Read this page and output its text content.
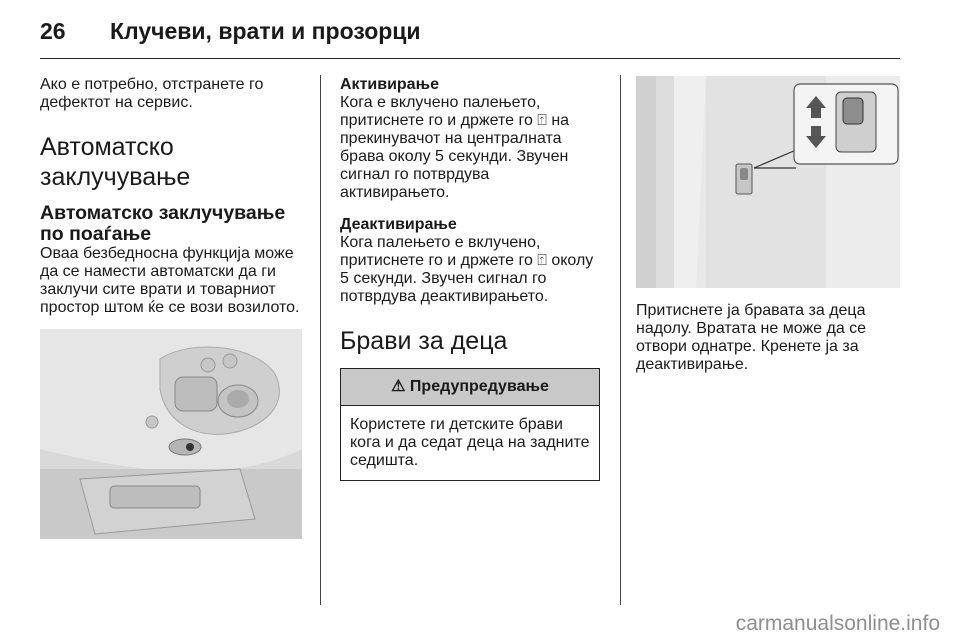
26 Клучеви, врати и прозорци

Ако е потребно, отстранете го дефектот на сервис.

Автоматско заклучување
Автоматско заклучување по поаѓање

Оваа безбедносна функција може да се намести автоматски да ги заклучи сите врати и товарниот простор штом ќе се вози возилото.

Активирање

Кога е вклучено палењето, притиснете го и држете го ⍐ на прекинувачот на централната брава околу 5 секунди. Звучен сигнал го потврдува активирањето.

Деактивирање

Кога палењето е вклучено, притиснете го и држете го ⍐ околу 5 секунди. Звучен сигнал го потврдува деактивирањето.

Брави за деца
⚠ Предупредување
Користете ги детските брави кога и да седат деца на задните седишта.

Притиснете ја бравата за деца надолу. Вратата не може да се отвори однатре. Кренете ја за деактивирање.

carmanualsonline.info
